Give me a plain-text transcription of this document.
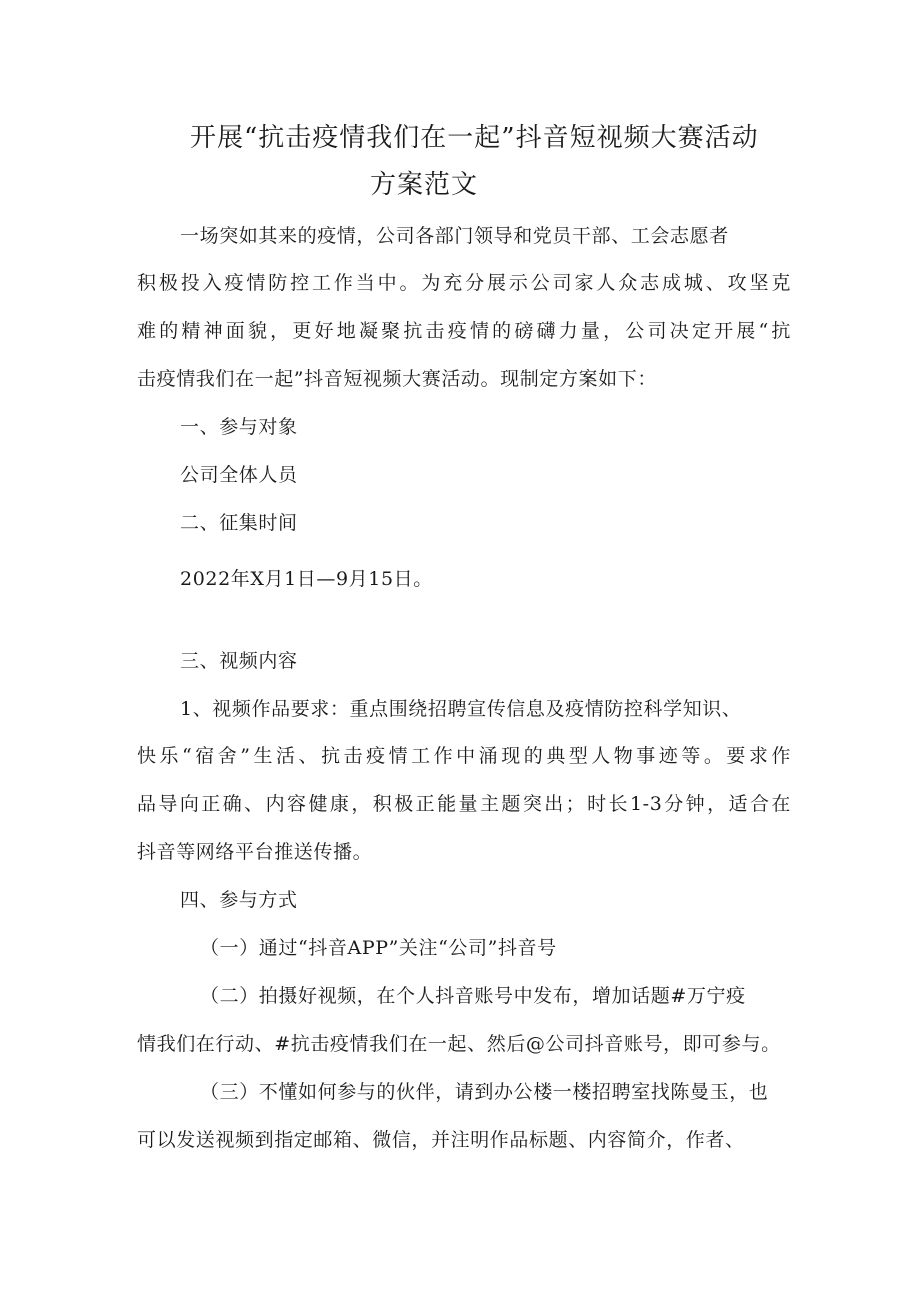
开展“抗击疫情我们在一起”抖音短视频大赛活动
方案范文
一场突如其来的疫情，公司各部门领导和党员干部、工会志愿者
积极投入疫情防控工作当中。为充分展示公司家人众志成城、攻坚克
难的精神面貌，更好地凝聚抗击疫情的磅礴力量，公司决定开展“抗
击疫情我们在一起”抖音短视频大赛活动。现制定方案如下：
一、参与对象
公司全体人员
二、征集时间
2022年X月1日—9月15日。
三、视频内容
1、视频作品要求：重点围绕招聘宣传信息及疫情防控科学知识、
快乐“宿舍”生活、抗击疫情工作中涌现的典型人物事迹等。要求作
品导向正确、内容健康，积极正能量主题突出；时长1-3分钟，适合在
抖音等网络平台推送传播。
四、参与方式
（一）通过“抖音APP”关注“公司”抖音号
（二）拍摄好视频，在个人抖音账号中发布，增加话题#万宁疫
情我们在行动、#抗击疫情我们在一起、然后@公司抖音账号，即可参与。
（三）不懂如何参与的伙伴，请到办公楼一楼招聘室找陈曼玉，也
可以发送视频到指定邮箱、微信，并注明作品标题、内容简介，作者、
